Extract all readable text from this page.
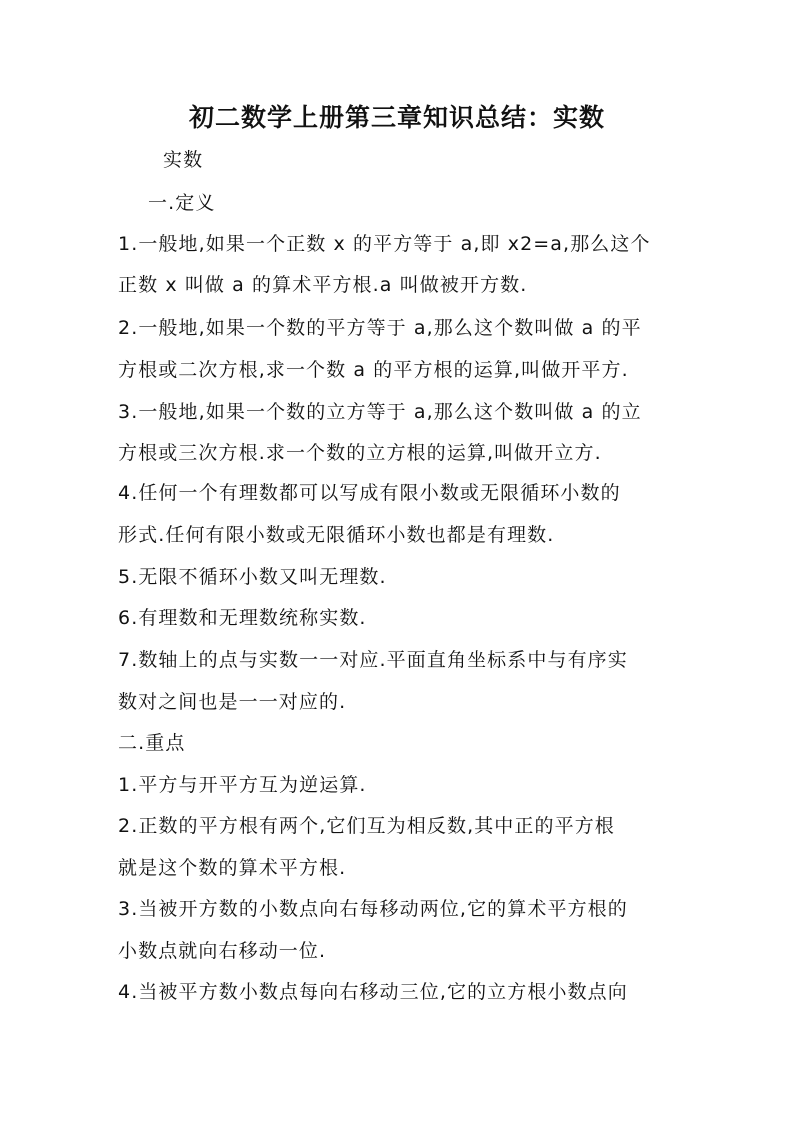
初二数学上册第三章知识总结：实数
实数
一.定义
1.一般地,如果一个正数 x 的平方等于 a,即 x2=a,那么这个
正数 x 叫做 a 的算术平方根.a 叫做被开方数.
2.一般地,如果一个数的平方等于 a,那么这个数叫做 a 的平
方根或二次方根,求一个数 a 的平方根的运算,叫做开平方.
3.一般地,如果一个数的立方等于 a,那么这个数叫做 a 的立
方根或三次方根.求一个数的立方根的运算,叫做开立方.
4.任何一个有理数都可以写成有限小数或无限循环小数的
形式.任何有限小数或无限循环小数也都是有理数.
5.无限不循环小数又叫无理数.
6.有理数和无理数统称实数.
7.数轴上的点与实数一一对应.平面直角坐标系中与有序实
数对之间也是一一对应的.
二.重点
1.平方与开平方互为逆运算.
2.正数的平方根有两个,它们互为相反数,其中正的平方根
就是这个数的算术平方根.
3.当被开方数的小数点向右每移动两位,它的算术平方根的
小数点就向右移动一位.
4.当被平方数小数点每向右移动三位,它的立方根小数点向
